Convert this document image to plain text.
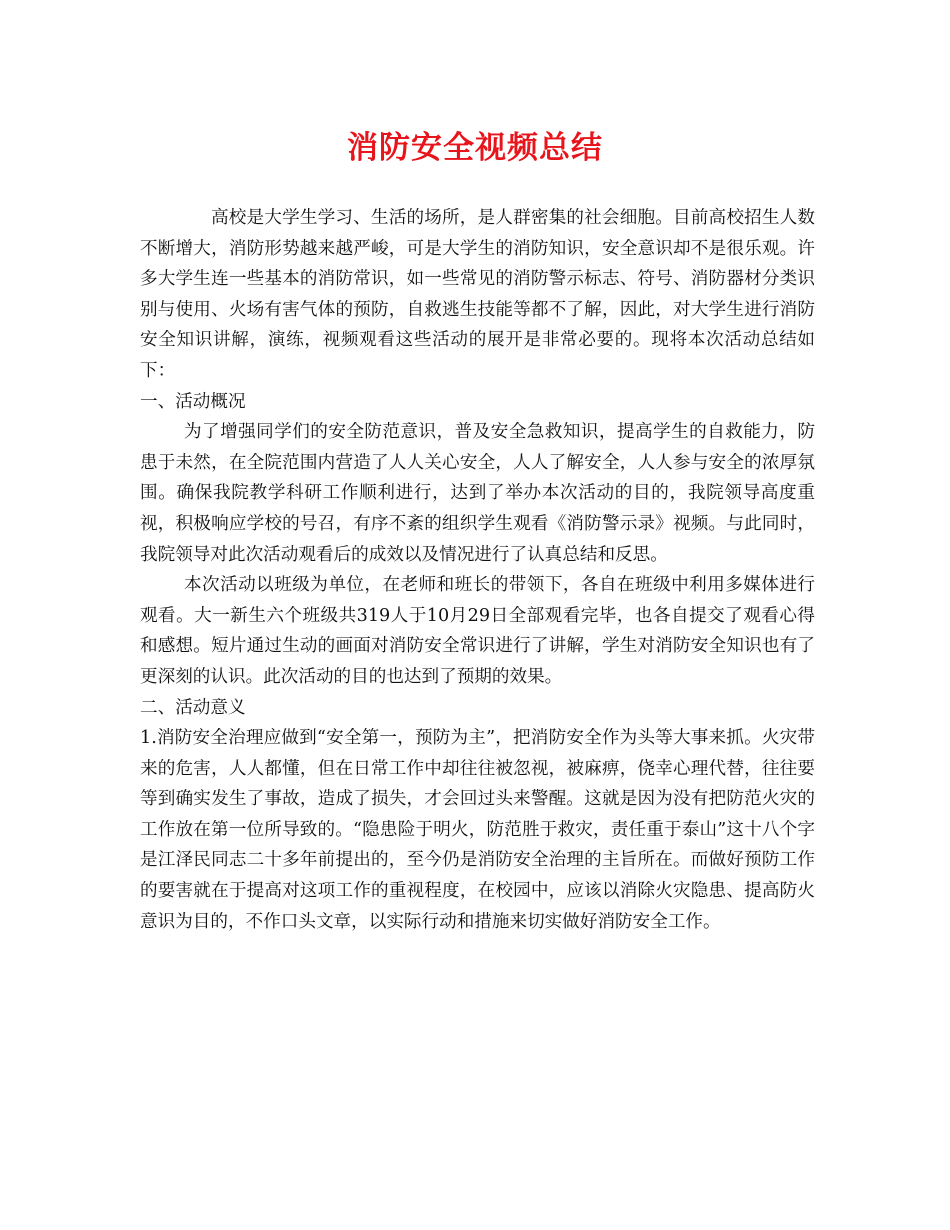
消防安全视频总结

高校是大学生学习、生活的场所，是人群密集的社会细胞。目前高校招生人数不断增大，消防形势越来越严峻，可是大学生的消防知识，安全意识却不是很乐观。许多大学生连一些基本的消防常识，如一些常见的消防警示标志、符号、消防器材分类识别与使用、火场有害气体的预防，自救逃生技能等都不了解，因此，对大学生进行消防安全知识讲解，演练，视频观看这些活动的展开是非常必要的。现将本次活动总结如下：

一、活动概况

为了增强同学们的安全防范意识，普及安全急救知识，提高学生的自救能力，防患于未然，在全院范围内营造了人人关心安全，人人了解安全，人人参与安全的浓厚氛围。确保我院教学科研工作顺利进行，达到了举办本次活动的目的，我院领导高度重视，积极响应学校的号召，有序不紊的组织学生观看《消防警示录》视频。与此同时，我院领导对此次活动观看后的成效以及情况进行了认真总结和反思。

本次活动以班级为单位，在老师和班长的带领下，各自在班级中利用多媒体进行观看。大一新生六个班级共319人于10月29日全部观看完毕，也各自提交了观看心得和感想。短片通过生动的画面对消防安全常识进行了讲解，学生对消防安全知识也有了更深刻的认识。此次活动的目的也达到了预期的效果。

二、活动意义

1.消防安全治理应做到“安全第一，预防为主”，把消防安全作为头等大事来抓。火灾带来的危害，人人都懂，但在日常工作中却往往被忽视，被麻痹，侥幸心理代替，往往要等到确实发生了事故，造成了损失，才会回过头来警醒。这就是因为没有把防范火灾的工作放在第一位所导致的。“隐患险于明火，防范胜于救灾，责任重于泰山”这十八个字是江泽民同志二十多年前提出的，至今仍是消防安全治理的主旨所在。而做好预防工作的要害就在于提高对这项工作的重视程度，在校园中，应该以消除火灾隐患、提高防火意识为目的，不作口头文章，以实际行动和措施来切实做好消防安全工作。
